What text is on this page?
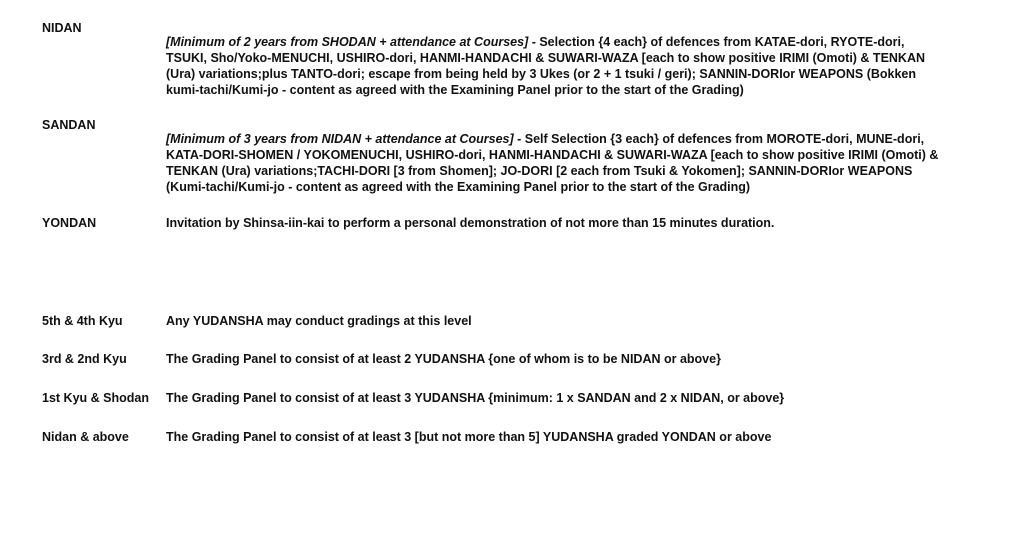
NIDAN
[Minimum of 2 years from SHODAN + attendance at Courses] - Selection {4 each} of defences from KATAE-dori, RYOTE-dori,
TSUKI, Sho/Yoko-MENUCHI, USHIRO-dori, HANMI-HANDACHI & SUWARI-WAZA [each to show positive IRIMI (Omoti) & TENKAN
(Ura) variations;plus TANTO-dori; escape from being held by 3 Ukes (or 2 + 1 tsuki / geri); SANNIN-DORIor WEAPONS (Bokken
kumi-tachi/Kumi-jo - content as agreed with the Examining Panel prior to the start of the Grading)
SANDAN
[Minimum of 3 years from NIDAN + attendance at Courses] - Self Selection {3 each} of defences from MOROTE-dori, MUNE-dori,
KATA-DORI-SHOMEN / YOKOMENUCHI, USHIRO-dori, HANMI-HANDACHI & SUWARI-WAZA [each to show positive IRIMI (Omoti) &
TENKAN (Ura) variations;TACHI-DORI [3 from Shomen]; JO-DORI [2 each from Tsuki & Yokomen]; SANNIN-DORIor WEAPONS
(Kumi-tachi/Kumi-jo - content as agreed with the Examining Panel prior to the start of the Grading)
YONDAN	Invitation by Shinsa-iin-kai to perform a personal demonstration of not more than 15 minutes duration.
5th & 4th Kyu	Any YUDANSHA may conduct gradings at this level
3rd & 2nd Kyu	The Grading Panel to consist of at least 2 YUDANSHA {one of whom is to be NIDAN or above}
1st Kyu & Shodan The Grading Panel to consist of at least 3 YUDANSHA {minimum: 1 x SANDAN and 2 x NIDAN, or above}
Nidan & above	The Grading Panel to consist of at least 3 [but not more than 5] YUDANSHA graded YONDAN or above
